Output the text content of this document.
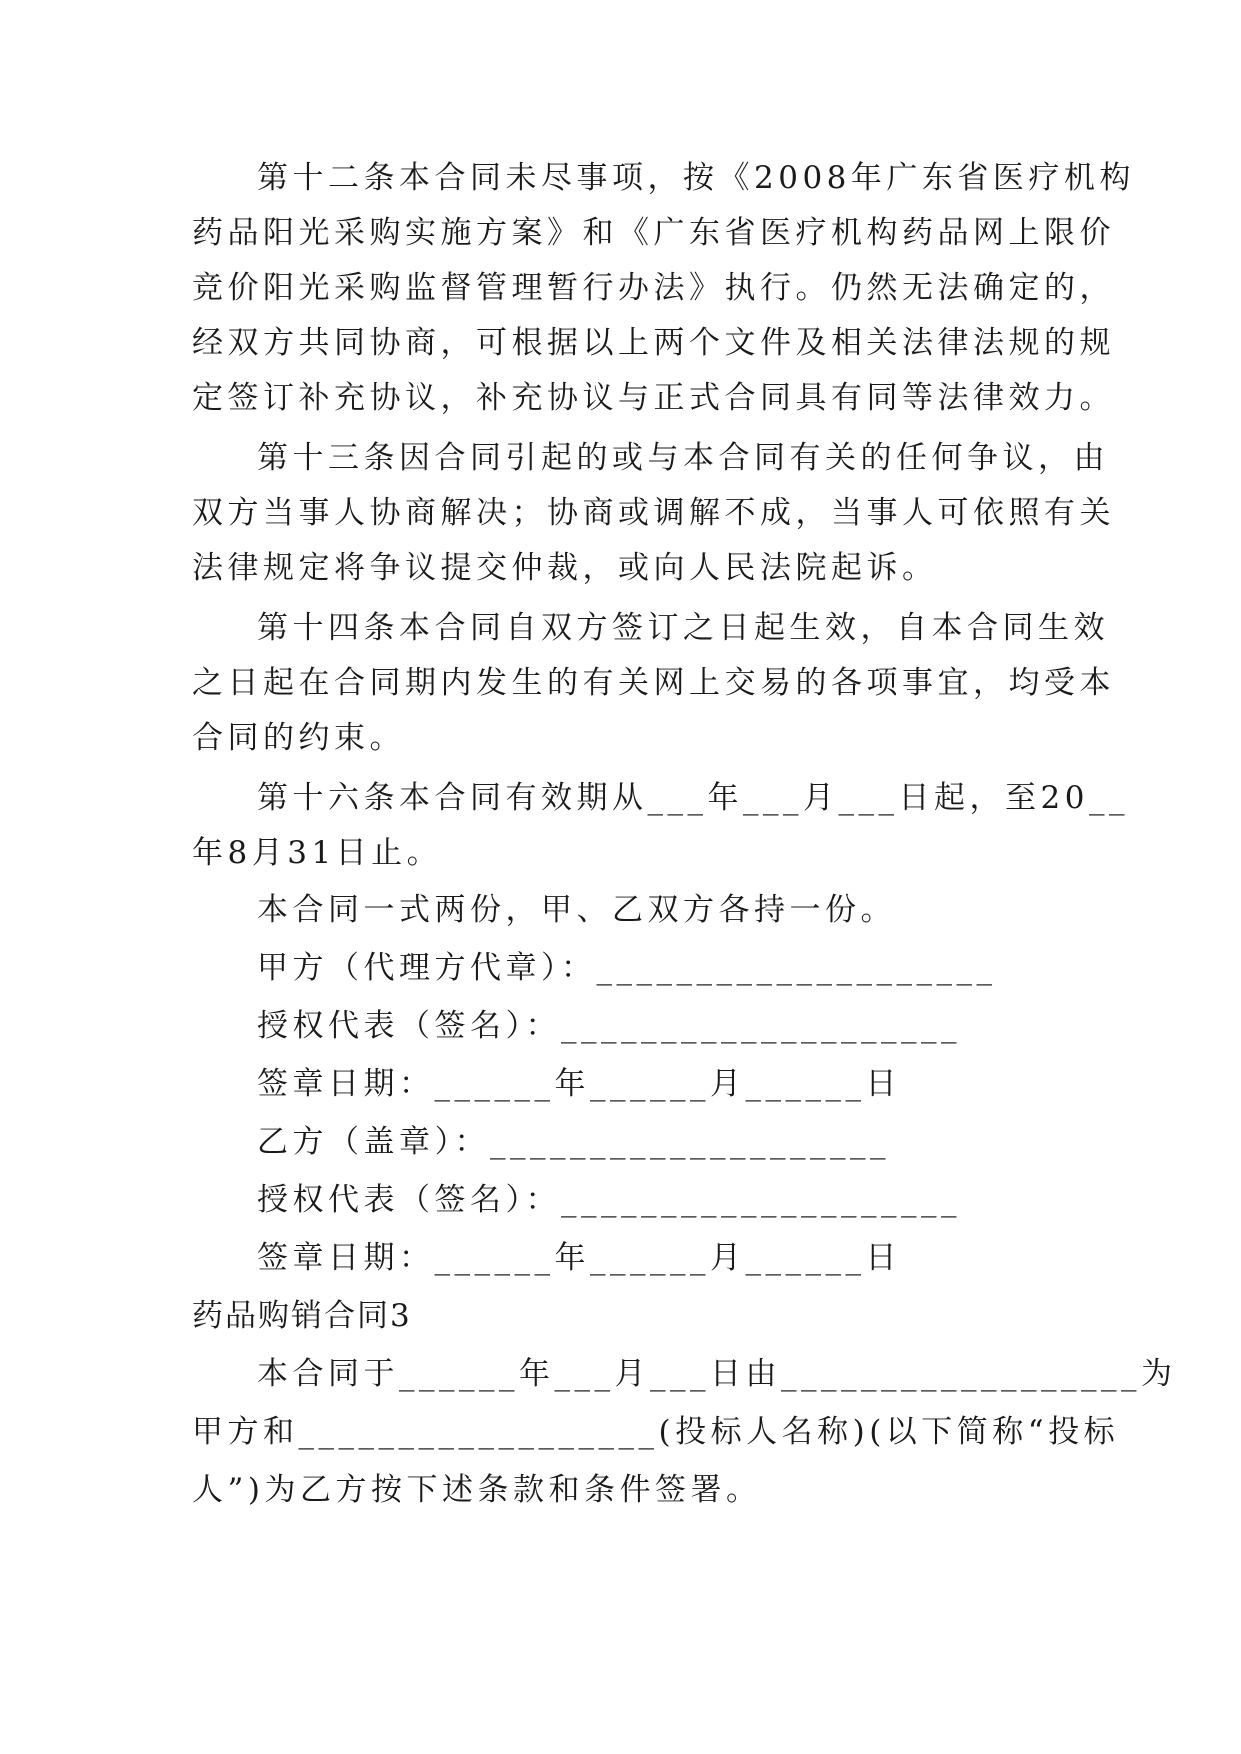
第十二条本合同未尽事项，按《2008年广东省医疗机构
药品阳光采购实施方案》和《广东省医疗机构药品网上限价
竞价阳光采购监督管理暂行办法》执行。仍然无法确定的，
经双方共同协商，可根据以上两个文件及相关法律法规的规
定签订补充协议，补充协议与正式合同具有同等法律效力。
第十三条因合同引起的或与本合同有关的任何争议，由
双方当事人协商解决；协商或调解不成，当事人可依照有关
法律规定将争议提交仲裁，或向人民法院起诉。
第十四条本合同自双方签订之日起生效，自本合同生效
之日起在合同期内发生的有关网上交易的各项事宜，均受本
合同的约束。
第十六条本合同有效期从___年___月___日起，至20__
年8月31日止。
本合同一式两份，甲、乙双方各持一份。
甲方（代理方代章）：____________________
授权代表（签名）：____________________
签章日期：______年______月______日
乙方（盖章）：____________________
授权代表（签名）：____________________
签章日期：______年______月______日
药品购销合同3
本合同于______年___月___日由__________________为
甲方和__________________(投标人名称)(以下简称“投标
人”)为乙方按下述条款和条件签署。
